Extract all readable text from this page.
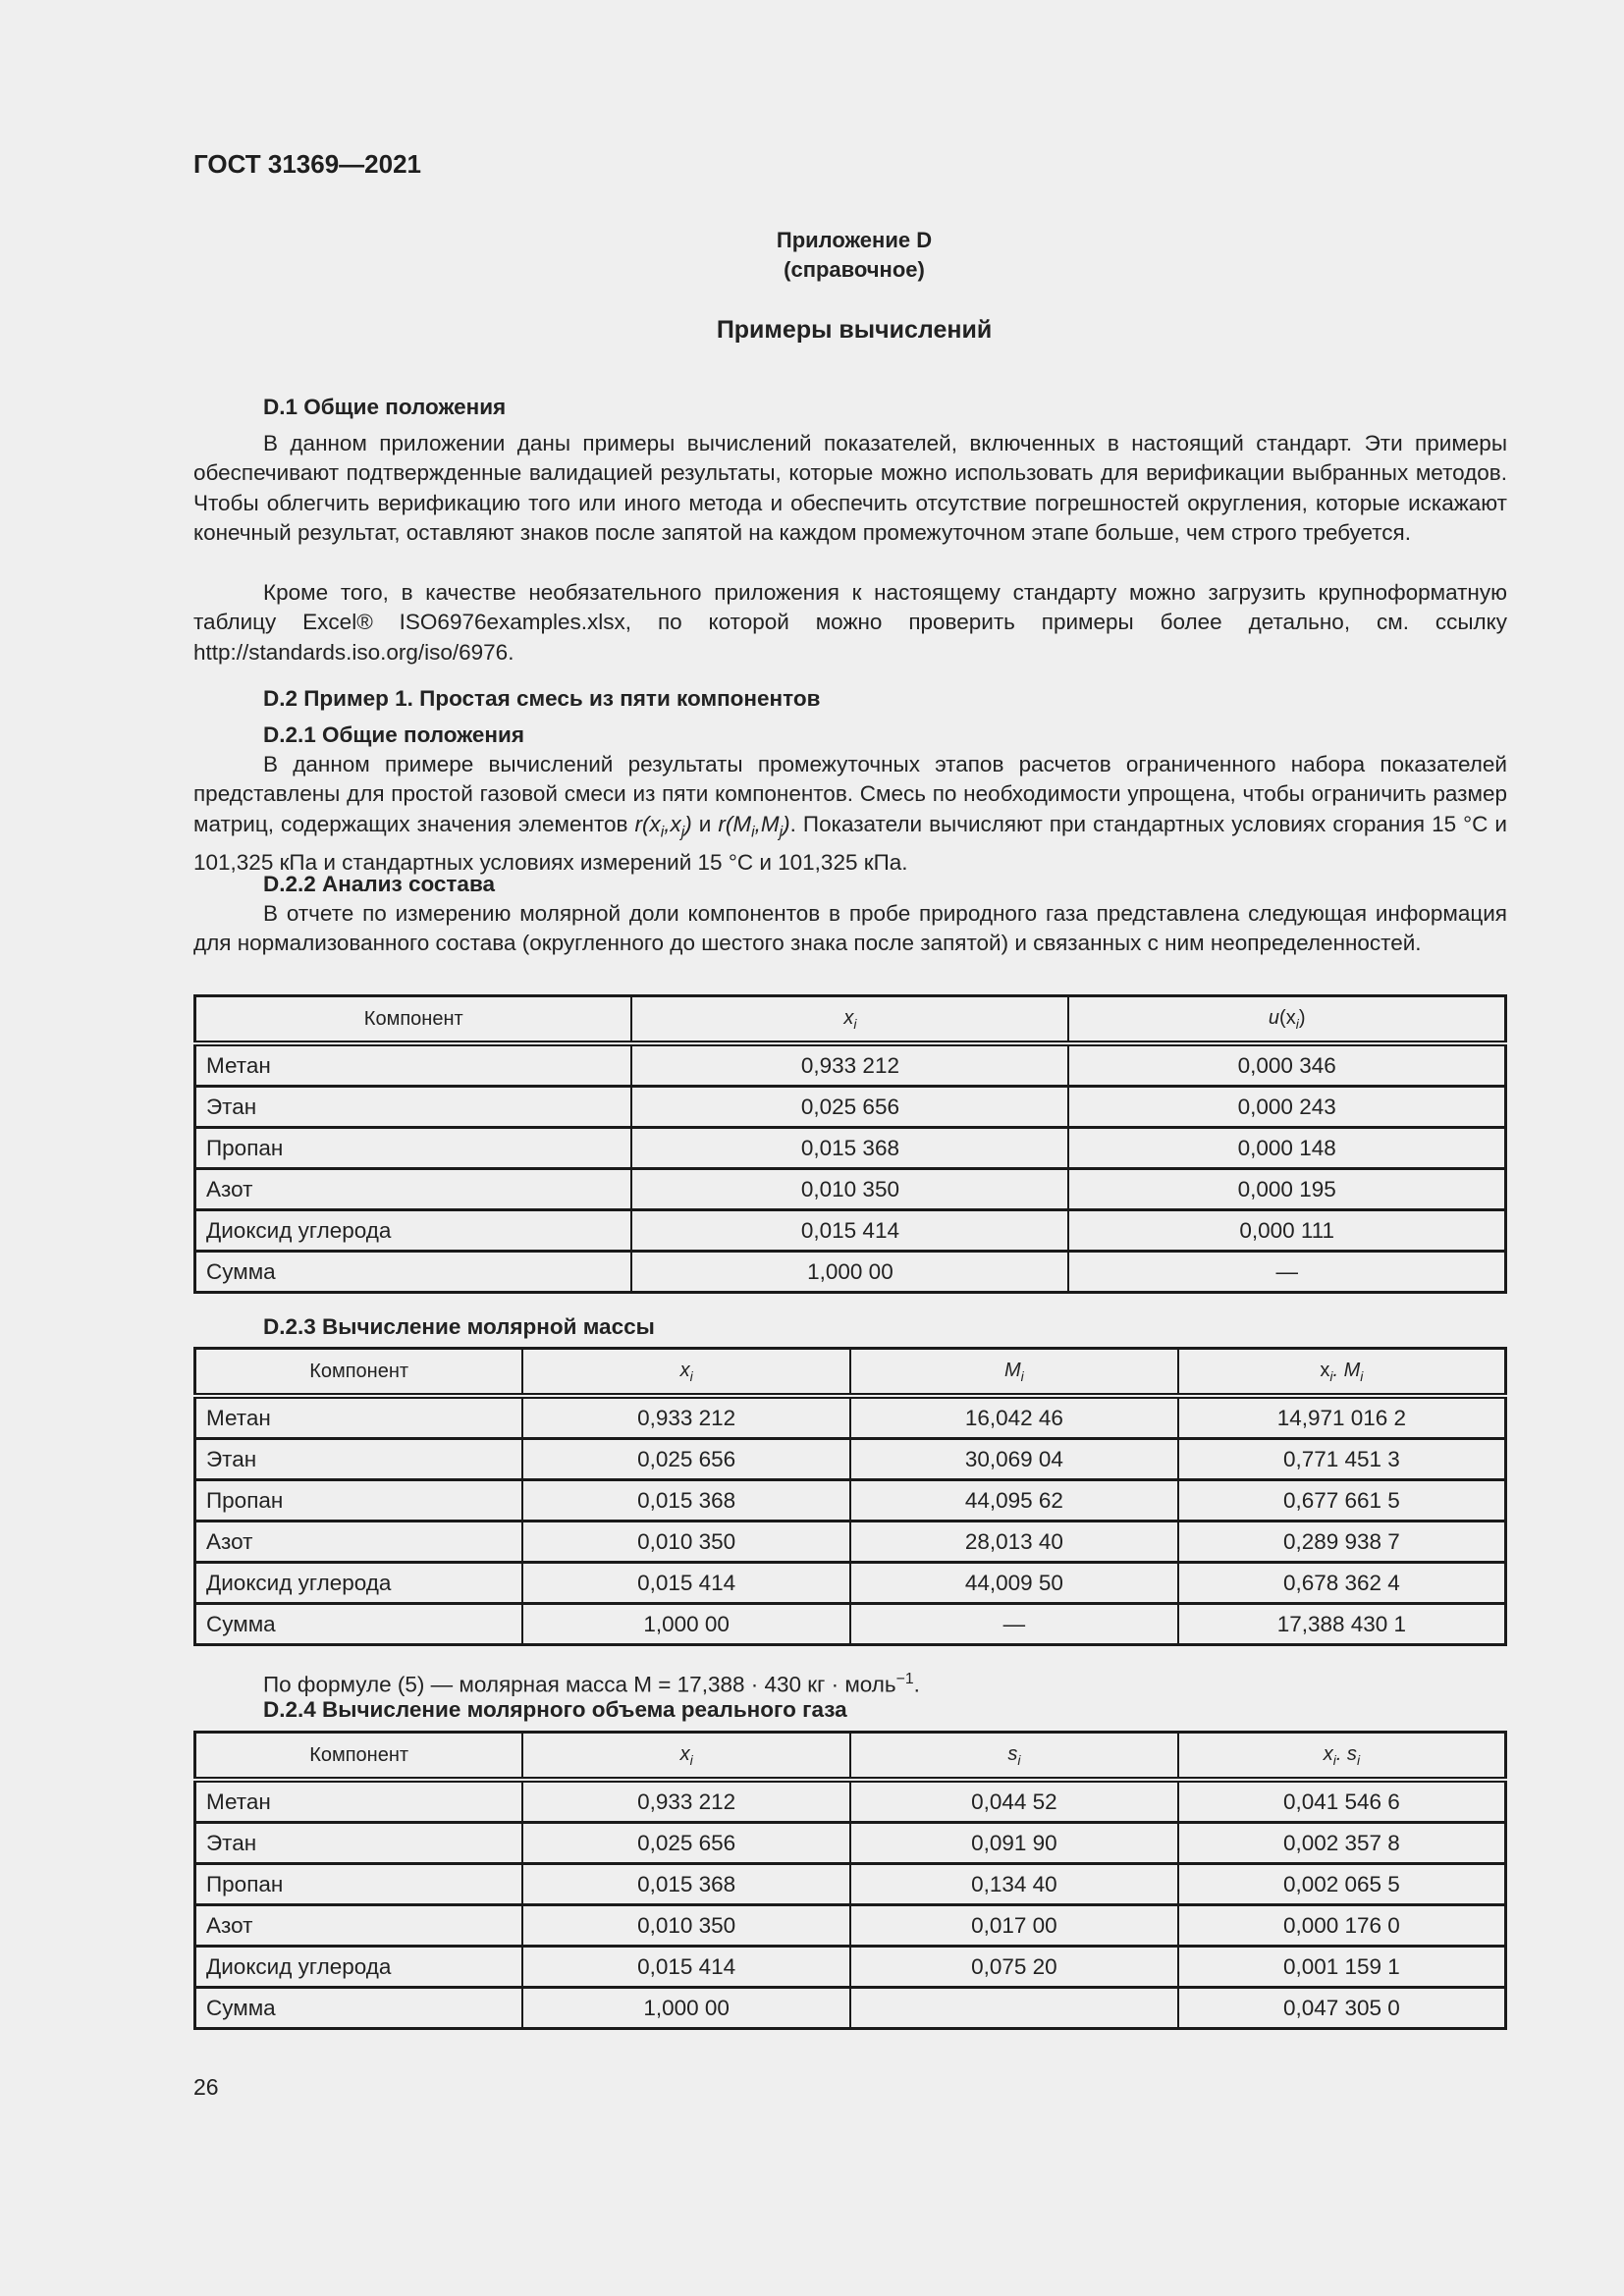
ГОСТ 31369—2021
Приложение D
(справочное)
Примеры вычислений
D.1 Общие положения

В данном приложении даны примеры вычислений показателей, включенных в настоящий стандарт. Эти примеры обеспечивают подтвержденные валидацией результаты, которые можно использовать для верификации выбранных методов. Чтобы облегчить верификацию того или иного метода и обеспечить отсутствие погрешностей округления, которые искажают конечный результат, оставляют знаков после запятой на каждом промежуточном этапе больше, чем строго требуется.

Кроме того, в качестве необязательного приложения к настоящему стандарту можно загрузить крупноформатную таблицу Excel® ISO6976examples.xlsx, по которой можно проверить примеры более детально, см. ссылку http://standards.iso.org/iso/6976.

D.2 Пример 1. Простая смесь из пяти компонентов
D.2.1 Общие положения

В данном примере вычислений результаты промежуточных этапов расчетов ограниченного набора показателей представлены для простой газовой смеси из пяти компонентов. Смесь по необходимости упрощена, чтобы ограничить размер матриц, содержащих значения элементов $r(x_i,x_j)$ и $r(M_i,M_j)$. Показатели вычисляют при стандартных условиях сгорания 15 °С и 101,325 кПа и стандартных условиях измерений 15 °С и 101,325 кПа.

D.2.2 Анализ состава

В отчете по измерению молярной доли компонентов в пробе природного газа представлена следующая информация для нормализованного состава (округленного до шестого знака после запятой) и связанных с ним неопределенностей.

Компонент	$x_i$	$u(x_i)$
Метан	0,933 212	0,000 346
Этан	0,025 656	0,000 243
Пропан	0,015 368	0,000 148
Азот	0,010 350	0,000 195
Диоксид углерода	0,015 414	0,000 111
Сумма	1,000 00	—
D.2.3 Вычисление молярной массы
Компонент	$x_i$	$M_i$	$x_i$. $M_i$
Метан	0,933 212	16,042 46	14,971 016 2
Этан	0,025 656	30,069 04	0,771 451 3
Пропан	0,015 368	44,095 62	0,677 661 5
Азот	0,010 350	28,013 40	0,289 938 7
Диоксид углерода	0,015 414	44,009 50	0,678 362 4
Сумма	1,000 00	—	17,388 430 1
По формуле (5) — молярная масса М = 17,388 · 430 кг · моль$^{-1}$.
D.2.4 Вычисление молярного объема реального газа
Компонент	$x_i$	$s_i$	$x_i$. $s_i$
Метан	0,933 212	0,044 52	0,041 546 6
Этан	0,025 656	0,091 90	0,002 357 8
Пропан	0,015 368	0,134 40	0,002 065 5
Азот	0,010 350	0,017 00	0,000 176 0
Диоксид углерода	0,015 414	0,075 20	0,001 159 1
Сумма	1,000 00		0,047 305 0
26
